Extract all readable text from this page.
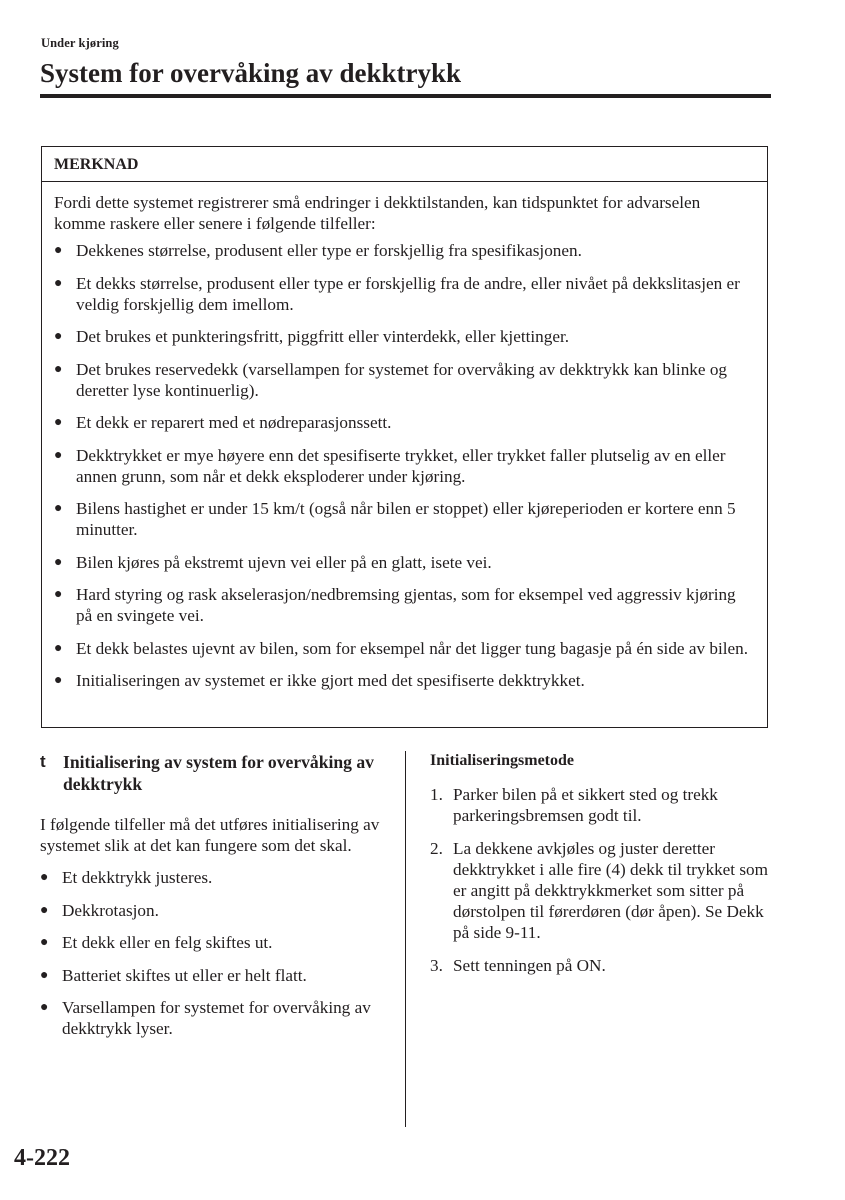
Under kjøring
System for overvåking av dekktrykk
MERKNAD

Fordi dette systemet registrerer små endringer i dekktilstanden, kan tidspunktet for advarselen komme raskere eller senere i følgende tilfeller:

● Dekkenes størrelse, produsent eller type er forskjellig fra spesifikasjonen.
● Et dekks størrelse, produsent eller type er forskjellig fra de andre, eller nivået på dekkslitasjen er veldig forskjellig dem imellom.
● Det brukes et punkteringsfritt, piggfritt eller vinterdekk, eller kjettinger.
● Det brukes reservedekk (varsellampen for systemet for overvåking av dekktrykk kan blinke og deretter lyse kontinuerlig).
● Et dekk er reparert med et nødreparasjonssett.
● Dekktrykket er mye høyere enn det spesifiserte trykket, eller trykket faller plutselig av en eller annen grunn, som når et dekk eksploderer under kjøring.
● Bilens hastighet er under 15 km/t (også når bilen er stoppet) eller kjøreperioden er kortere enn 5 minutter.
● Bilen kjøres på ekstremt ujevn vei eller på en glatt, isete vei.
● Hard styring og rask akselerasjon/nedbremsing gjentas, som for eksempel ved aggressiv kjøring på en svingete vei.
● Et dekk belastes ujevnt av bilen, som for eksempel når det ligger tung bagasje på én side av bilen.
● Initialiseringen av systemet er ikke gjort med det spesifiserte dekktrykket.
t Initialisering av system for overvåking av dekktrykk

I følgende tilfeller må det utføres initialisering av systemet slik at det kan fungere som det skal.

● Et dekktrykk justeres.
● Dekkrotasjon.
● Et dekk eller en felg skiftes ut.
● Batteriet skiftes ut eller er helt flatt.
● Varsellampen for systemet for overvåking av dekktrykk lyser.
Initialiseringsmetode
1. Parker bilen på et sikkert sted og trekk parkeringsbremsen godt til.
2. La dekkene avkjøles og juster deretter dekktrykket i alle fire (4) dekk til trykket som er angitt på dekktrykkmerket som sitter på dørstolpen til førerdøren (dør åpen). Se Dekk på side 9-11.
3. Sett tenningen på ON.
4-222
